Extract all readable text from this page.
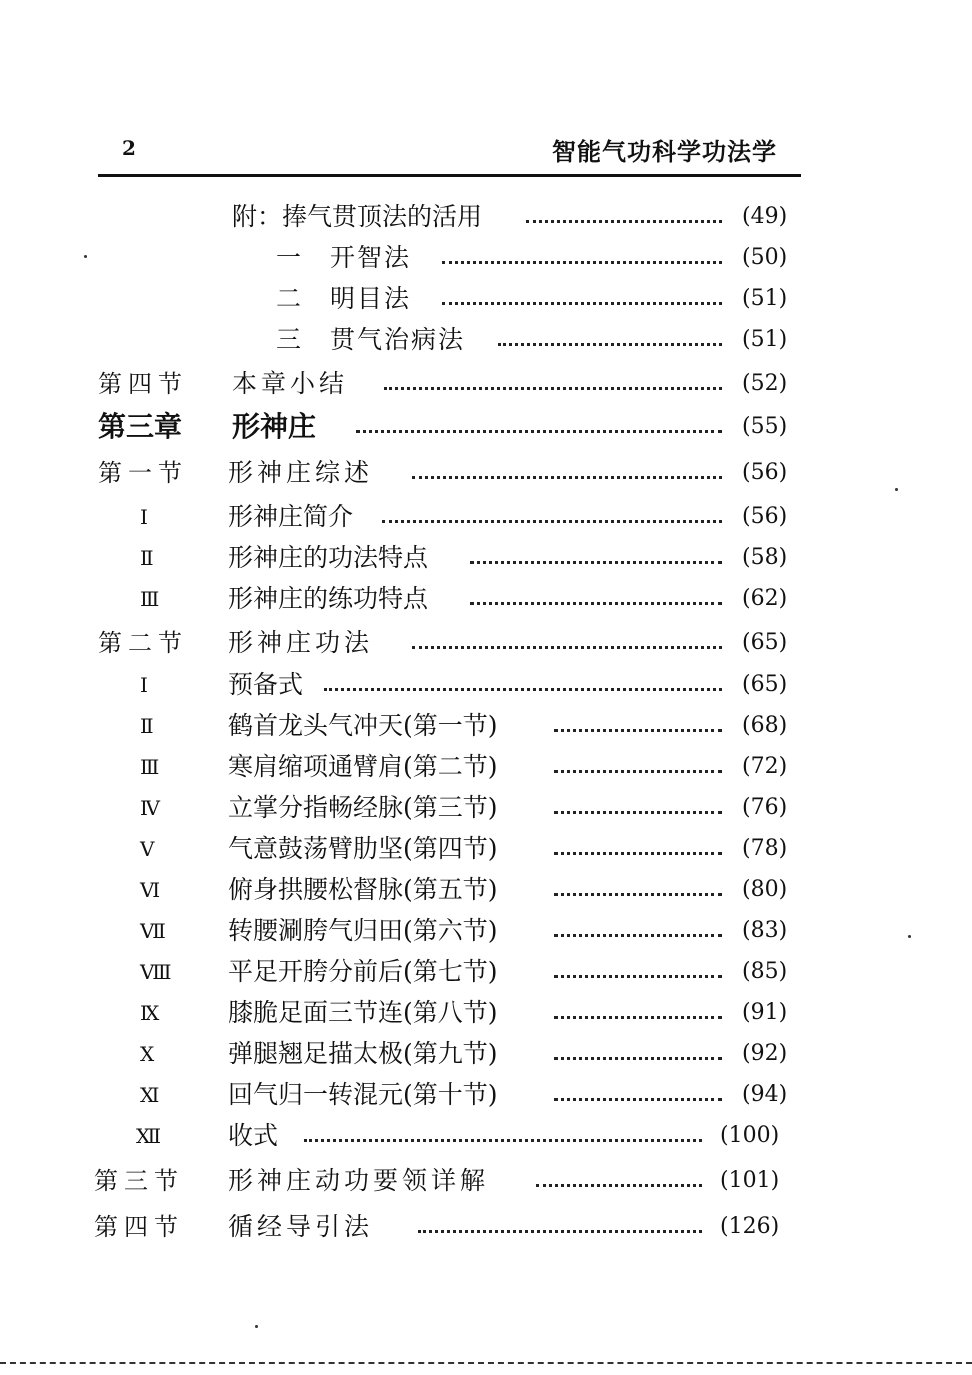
2	智能气功科学功法学
附：捧气贯顶法的活用	(49)
一　开智法	(50)
二　明目法	(51)
三　贯气治病法	(51)
第四节 本章小结	(52)
第三章 形神庄	(55)
第一节 形神庄综述	(56)
Ⅰ	形神庄简介	(56)
Ⅱ	形神庄的功法特点	(58)
Ⅲ	形神庄的练功特点	(62)
第二节 形神庄功法	(65)
Ⅰ	预备式	(65)
Ⅱ	鹤首龙头气冲天(第一节)	(68)
Ⅲ	寒肩缩项通臂肩(第二节)	(72)
Ⅳ	立掌分指畅经脉(第三节)	(76)
Ⅴ	气意鼓荡臂肋坚(第四节)	(78)
Ⅵ	俯身拱腰松督脉(第五节)	(80)
Ⅶ 转腰涮胯气归田(第六节)	(83)
Ⅷ 平足开胯分前后(第七节)	(85)
Ⅸ	膝脆足面三节连(第八节)	(91)
Ⅹ	弹腿翘足描太极(第九节)	(92)
Ⅺ	回气归一转混元(第十节)	(94)
Ⅻ	收式	(100)
第三节 形神庄动功要领详解	(101)
第四节 循经导引法	(126)
